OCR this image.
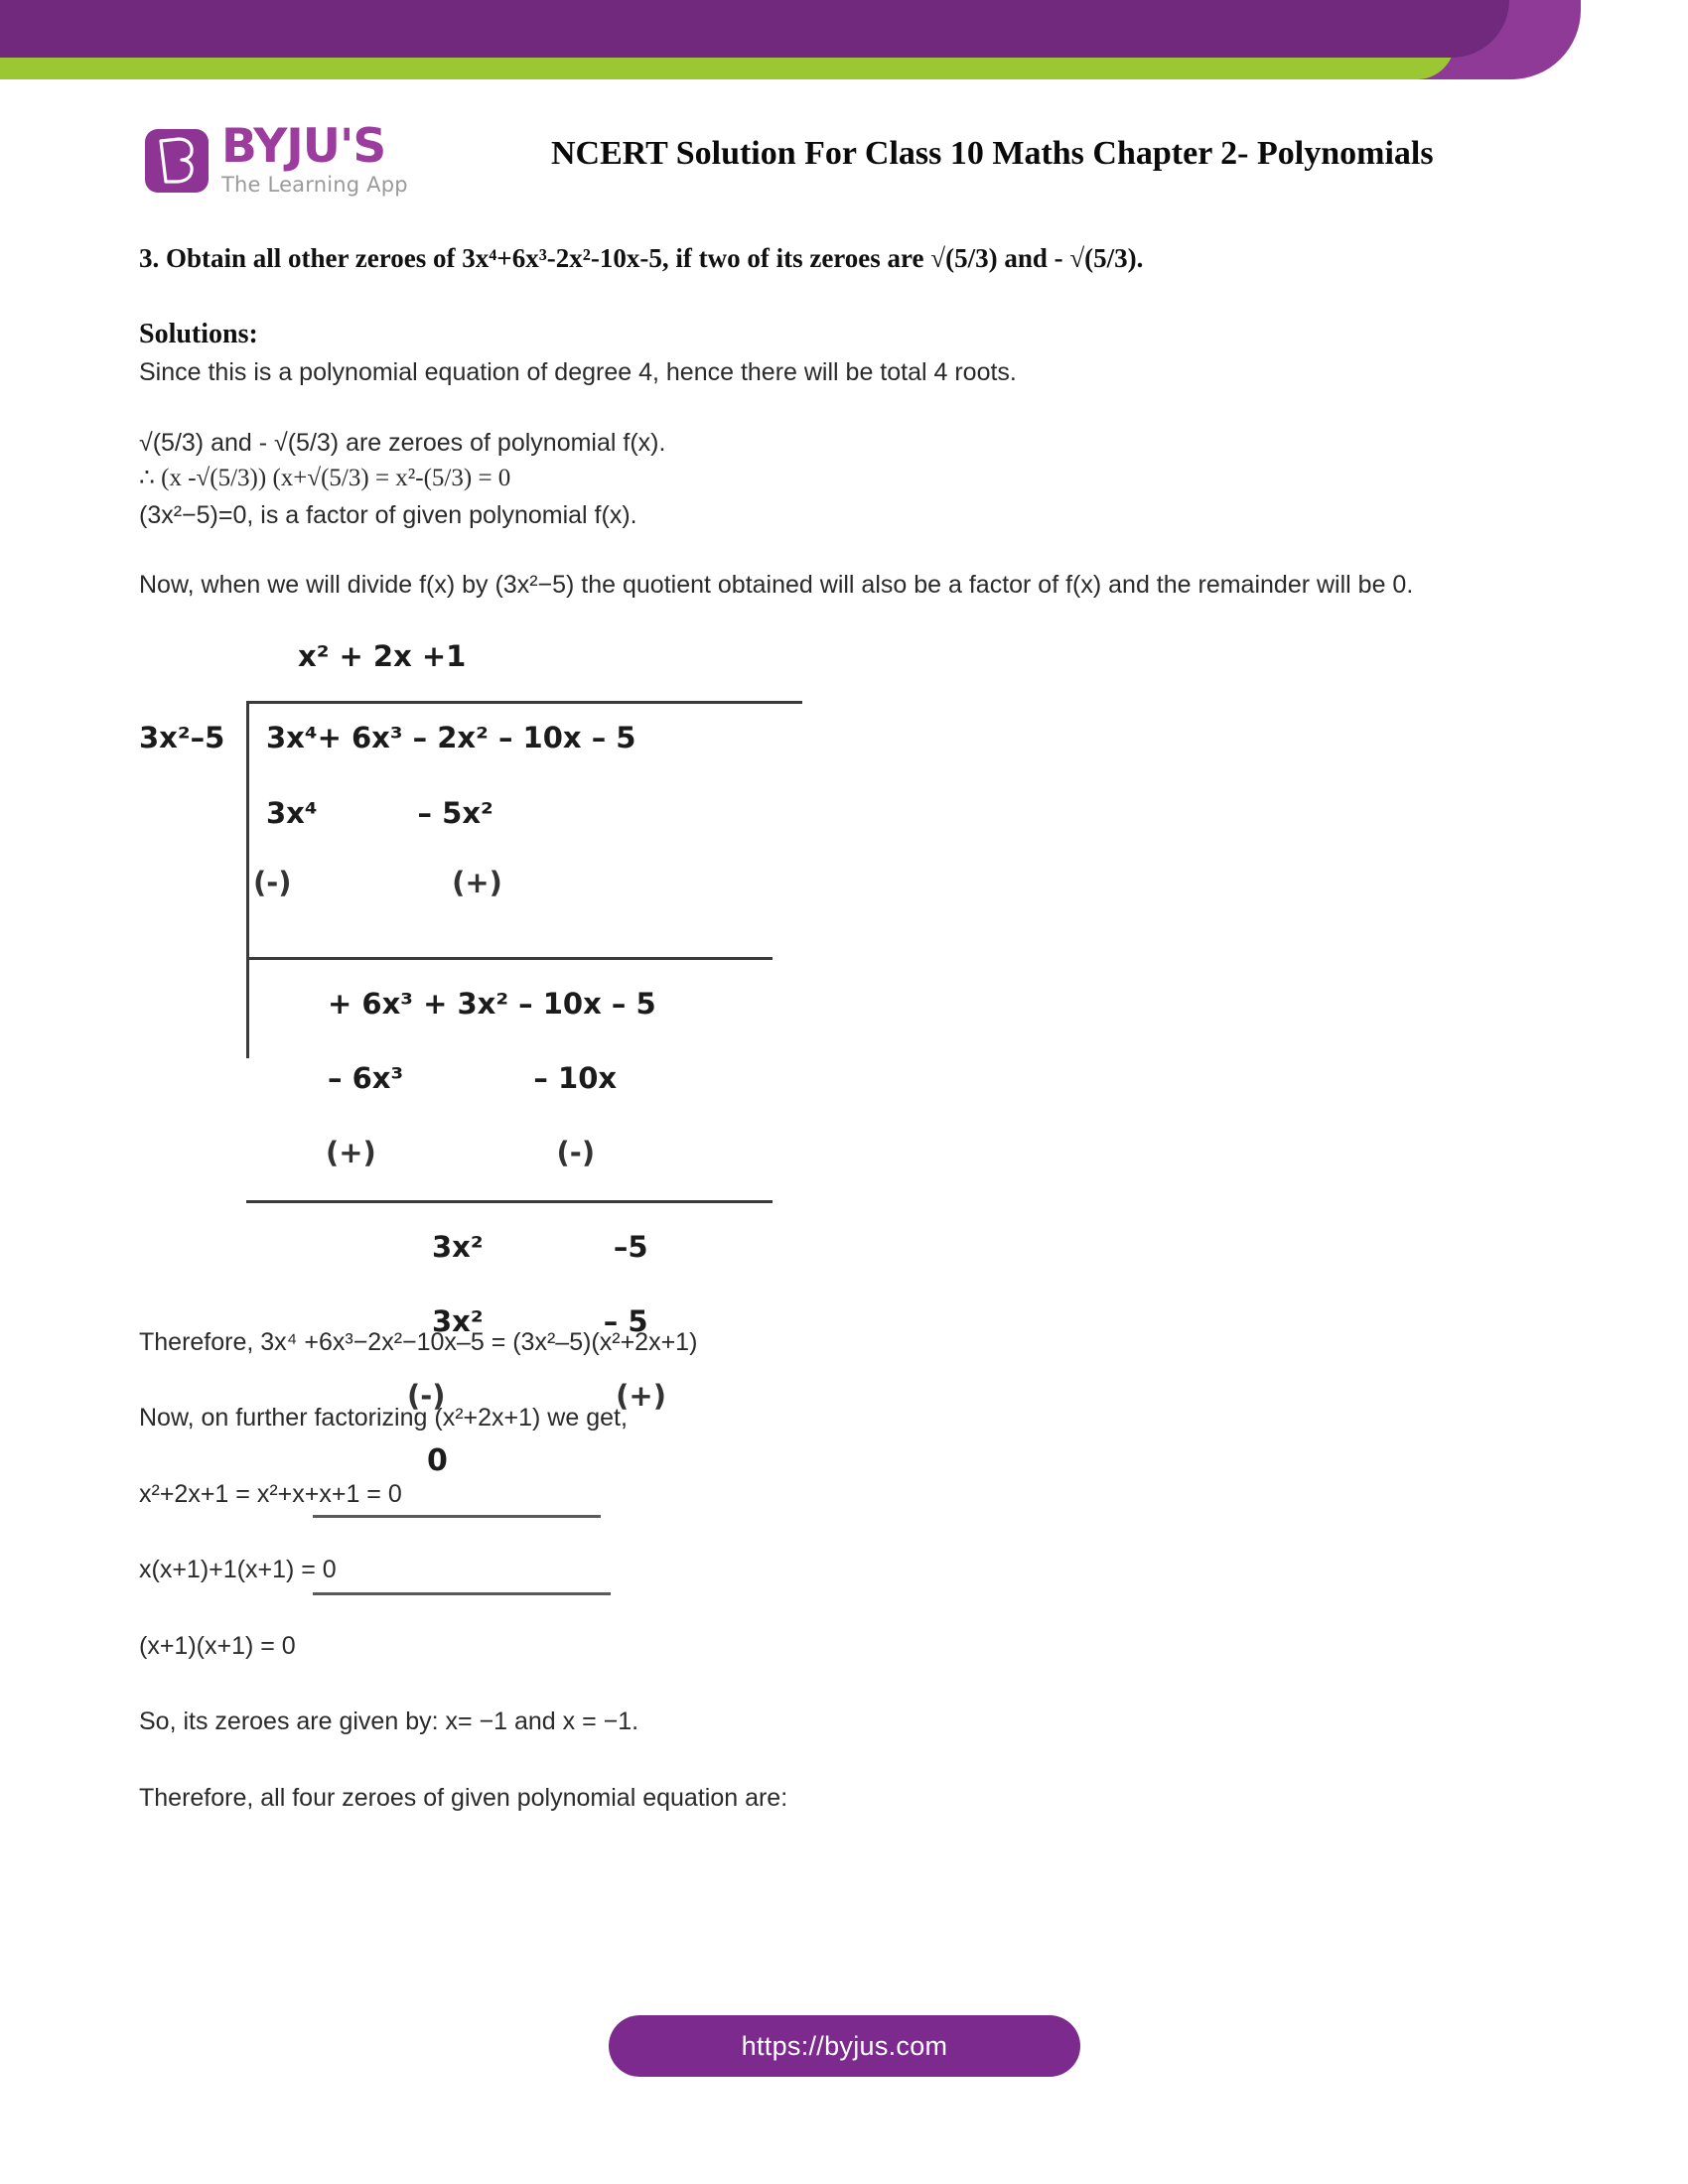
BYJU'S
The Learning App
NCERT Solution For Class 10 Maths Chapter 2- Polynomials
3. Obtain all other zeroes of 3x⁴+6x³-2x²-10x-5, if two of its zeroes are √(5/3) and - √(5/3).
Solutions:
Since this is a polynomial equation of degree 4, hence there will be total 4 roots.
√(5/3) and - √(5/3) are zeroes of polynomial f(x).
∴ (x -√(5/3)) (x+√(5/3) = x²-(5/3) = 0
(3x²−5)=0, is a factor of given polynomial f(x).
Now, when we will divide f(x) by (3x²−5) the quotient obtained will also be a factor of f(x) and the remainder will be 0.
x² + 2x +1
3x²–5 3x⁴+ 6x³ – 2x² – 10x – 5
3x⁴          – 5x²
(-)                (+)
+ 6x³ + 3x² – 10x – 5
– 6x³             – 10x
(+)                  (-)
3x²             –5
3x²            – 5
(-)                 (+)
0
Therefore, 3x⁴ +6x³−2x²−10x–5 = (3x²–5)(x²+2x+1)
Now, on further factorizing (x²+2x+1) we get,
x²+2x+1 = x²+x+x+1 = 0
x(x+1)+1(x+1) = 0
(x+1)(x+1) = 0
So, its zeroes are given by: x= −1 and x = −1.
Therefore, all four zeroes of given polynomial equation are:
https://byjus.com
